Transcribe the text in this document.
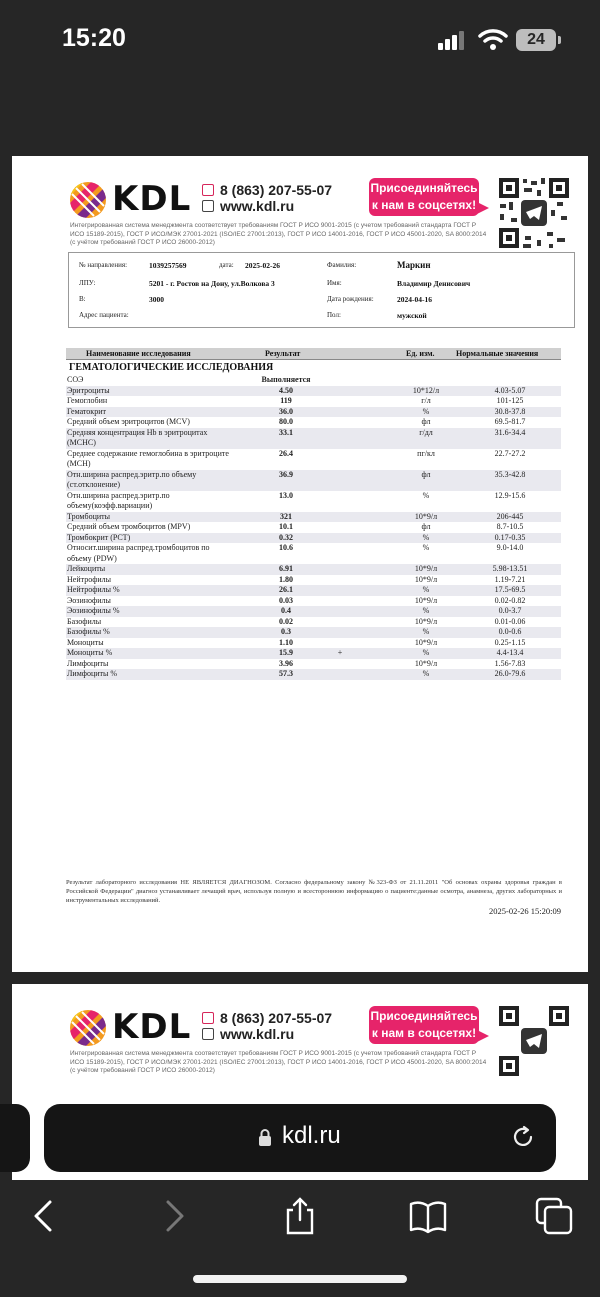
15:20	24
KDL	8 (863) 207-55-07
www.kdl.ru
Присоединяйтесь к нам в соцсетях!
Интегрированная система менеджмента соответствует требованиям ГОСТ Р ИСО 9001-2015 (с учетом требований стандарта ГОСТ Р ИСО 15189-2015), ГОСТ Р ИСО/МЭК 27001-2021 (ISO/IEC 27001:2013), ГОСТ Р ИСО 14001-2016, ГОСТ Р ИСО 45001-2020, SA 8000:2014 (с учётом требований ГОСТ Р ИСО 26000-2012)
№ направления:	1039257569	дата: 2025-02-26	Фамилия:	Маркин
ЛПУ:	5201 - г. Ростов на Дону, ул.Волкова 3	Имя:	Владимир Денисович
В:	3000	Дата рождения:	2024-04-16
Адрес пациента:	Пол:	мужской
Наименование исследования	Результат	Ед. изм.	Нормальные значения
ГЕМАТОЛОГИЧЕСКИЕ ИССЛЕДОВАНИЯ
СОЭ	Выполняется
Эритроциты	4.50	10*12/л	4.03-5.07
Гемоглобин	119	г/л	101-125
Гематокрит	36.0	%	30.8-37.8
Средний объем эритроцитов (MCV)	80.0	фл	69.5-81.7
Средняя концентрация Hb в эритроцитах (MCHC)
33.1	г/дл	31.6-34.4
Среднее содержание гемоглобина в эритроците (MCH)
26.4	пг/кл	22.7-27.2
Отн.ширина распред.эритр.по объему (ст.отклонение)
36.9	фл	35.3-42.8
Отн.ширина распред.эритр.по объему(коэфф.вариации)
13.0	%	12.9-15.6
Тромбоциты	321	10*9/л	206-445
Средний объем тромбоцитов (MPV)	10.1	фл	8.7-10.5
Тромбокрит (PCT)	0.32	%	0.17-0.35
Относит.ширина распред.тромбоцитов по объему (PDW)
10.6	%	9.0-14.0
Лейкоциты	6.91	10*9/л	5.98-13.51
Нейтрофилы	1.80	10*9/л	1.19-7.21
Нейтрофилы %	26.1	%	17.5-69.5
Эозинофилы	0.03	10*9/л	0.02-0.82
Эозинофилы %	0.4	%	0.0-3.7
Базофилы	0.02	10*9/л	0.01-0.06
Базофилы %	0.3	%	0.0-0.6
Моноциты	1.10	10*9/л	0.25-1.15
Моноциты %	15.9	+	%	4.4-13.4
Лимфоциты	3.96	10*9/л	1.56-7.83
Лимфоциты %	57.3	%	26.0-79.6
Результат лабораторного исследования НЕ ЯВЛЯЕТСЯ ДИАГНОЗОМ. Согласно федеральному закону №323-ФЗ от 21.11.2011 "Об основах охраны здоровья граждан в Российской Федерации" диагноз устанавливает лечащий врач, используя полную и всестороннюю информацию о пациенте:данные осмотра, анамнеза, других лабораторных и инструментальных исследований.
2025-02-26 15:20:09
KDL	8 (863) 207-55-07
www.kdl.ru
Присоединяйтесь к нам в соцсетях!
Интегрированная система менеджмента соответствует требованиям ГОСТ Р ИСО 9001-2015 (с учетом требований стандарта ГОСТ Р ИСО 15189-2015), ГОСТ Р ИСО/МЭК 27001-2021 (ISO/IEC 27001:2013), ГОСТ Р ИСО 14001-2016, ГОСТ Р ИСО 45001-2020, SA 8000:2014 (с учётом требований ГОСТ Р ИСО 26000-2012)
kdl.ru
